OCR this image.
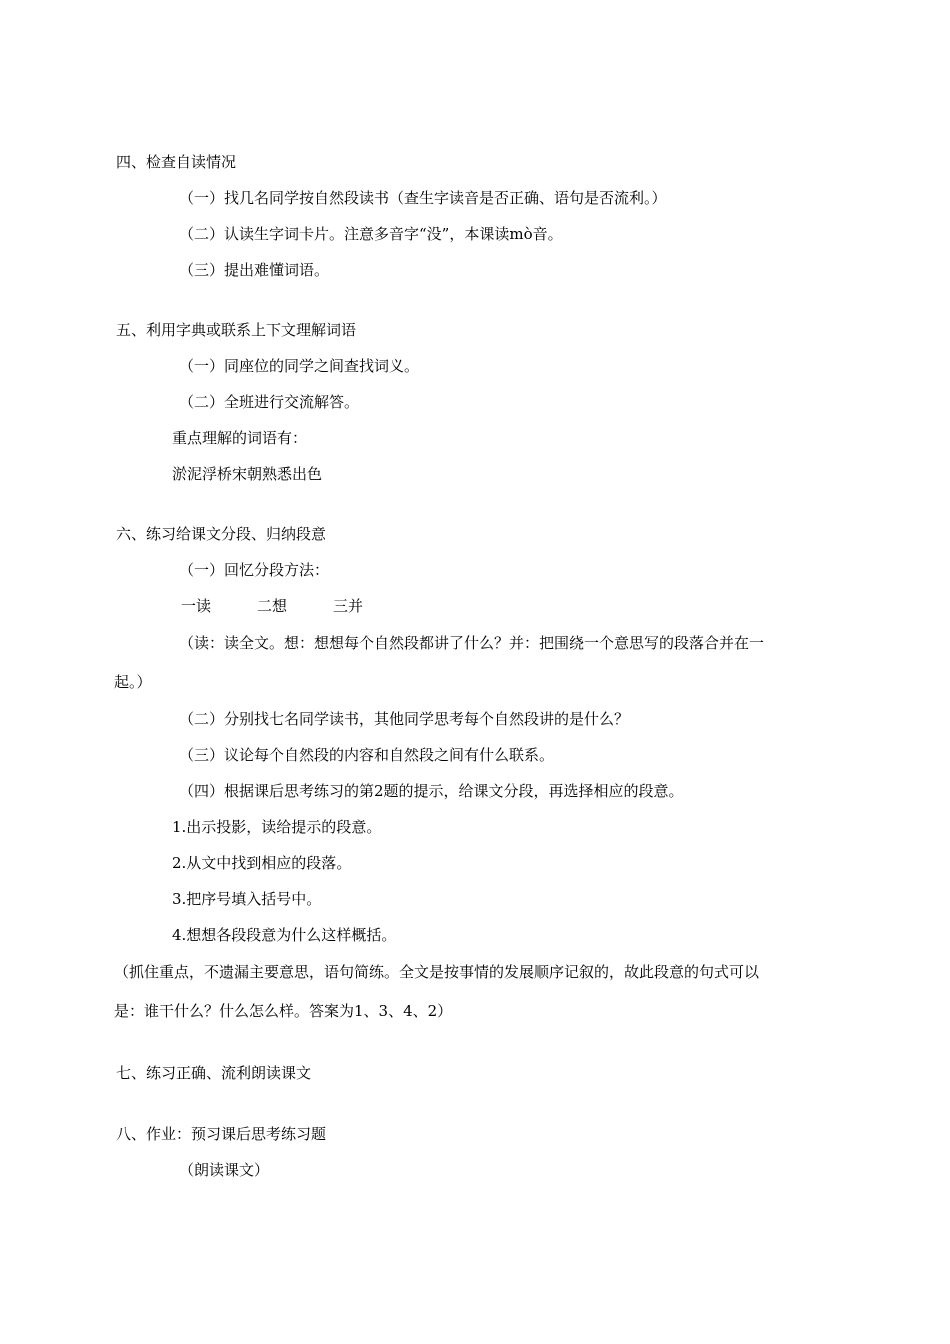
四、检查自读情况

（一）找几名同学按自然段读书（查生字读音是否正确、语句是否流利。）

（二）认读生字词卡片。注意多音字“没”，本课读mò音。

（三）提出难懂词语。

五、利用字典或联系上下文理解词语

（一）同座位的同学之间查找词义。

（二）全班进行交流解答。

重点理解的词语有：

淤泥浮桥宋朝熟悉出色

六、练习给课文分段、归纳段意

（一）回忆分段方法：

一读	二想	三并

（读：读全文。想：想想每个自然段都讲了什么？并：把围绕一个意思写的段落合并在一

起。）

（二）分别找七名同学读书，其他同学思考每个自然段讲的是什么？

（三）议论每个自然段的内容和自然段之间有什么联系。

（四）根据课后思考练习的第2题的提示，给课文分段，再选择相应的段意。

1.出示投影，读给提示的段意。

2.从文中找到相应的段落。

3.把序号填入括号中。

4.想想各段段意为什么这样概括。

（抓住重点，不遗漏主要意思，语句简练。全文是按事情的发展顺序记叙的，故此段意的句式可以

是：谁干什么？什么怎么样。答案为1、3、4、2）

七、练习正确、流利朗读课文

八、作业：预习课后思考练习题

（朗读课文）
